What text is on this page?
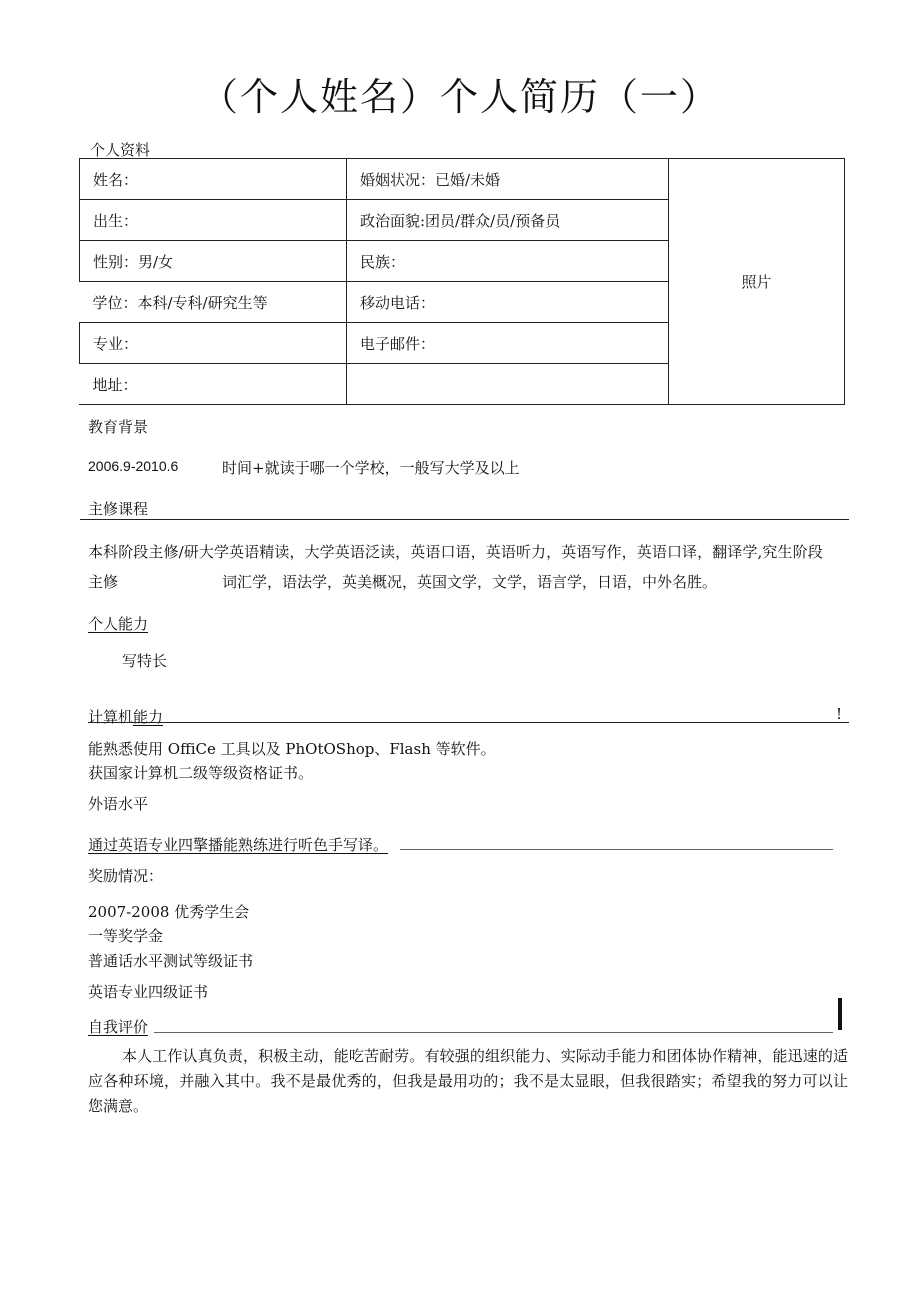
（个人姓名）个人简历（一）
个人资料
姓名：	婚姻状况：已婚/未婚	照片
出生：	政治面貌:团员/群众/员/预备员	
性别：男/女	民族：	
学位：本科/专科/研究生等	移动电话：	
专业：	电子邮件：	
地址：		
教育背景
2006.9-2010.6	时间+就读于哪一个学校，一般写大学及以上
主修课程
本科阶段主修/研大学英语精读，大学英语泛读，英语口语，英语听力，英语写作，英语口译，翻译学,究生阶段
主修	词汇学，语法学，英美概况，英国文学，文学，语言学，日语，中外名胜。
个人能力
写特长
计算机能力	!
能熟悉使用 OffiCe 工具以及 PhOtOShop、Flash 等软件。
获国家计算机二级等级资格证书。
外语水平
通过英语专业四擎播能熟练进行听色手写译。
奖励情况：
2007-2008 优秀学生会
一等奖学金
普通话水平测试等级证书
英语专业四级证书
自我评价
本人工作认真负责，积极主动，能吃苦耐劳。有较强的组织能力、实际动手能力和团体协作精神，能迅速的适应各种环境，并融入其中。我不是最优秀的，但我是最用功的；我不是太显眼，但我很踏实；希望我的努力可以让您满意。
